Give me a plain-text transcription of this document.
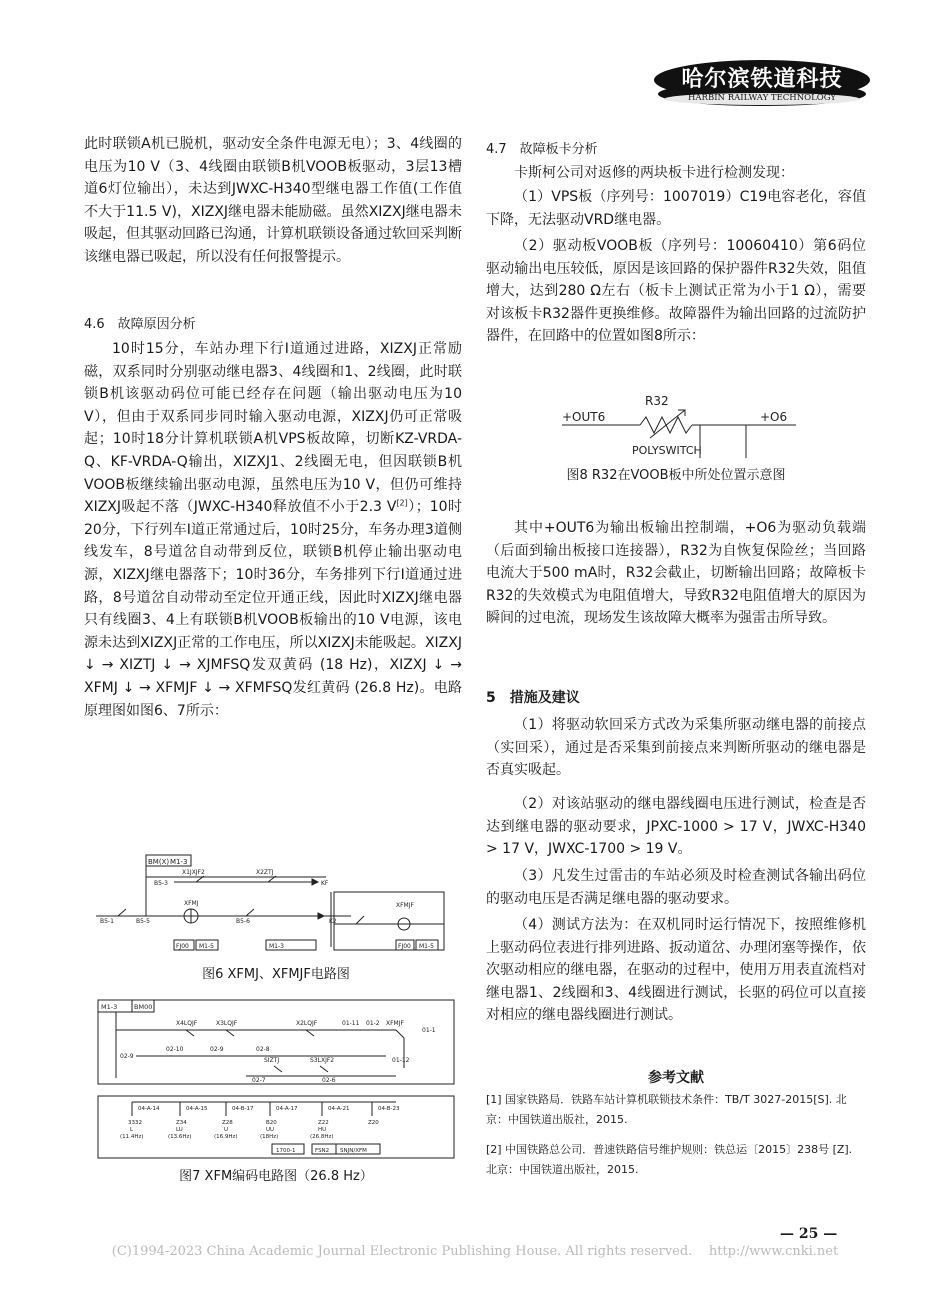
哈尔滨铁道科技
HARBIN RAILWAY TECHNOLOGY

此时联锁A机已脱机，驱动安全条件电源无电）；3、4线圈的电压为10 V（3、4线圈由联锁B机VOOB板驱动，3层13槽道6灯位输出），未达到JWXC-H340型继电器工作值(工作值不大于11.5 V)，XIZXJ继电器未能励磁。虽然XIZXJ继电器未吸起，但其驱动回路已沟通，计算机联锁设备通过软回采判断该继电器已吸起，所以没有任何报警提示。

4.6　故障原因分析

10时15分，车站办理下行Ⅰ道通过进路，XIZXJ正常励磁，双系同时分别驱动继电器3、4线圈和1、2线圈，此时联锁B机该驱动码位可能已经存在问题（输出驱动电压为10 V），但由于双系同步同时输入驱动电源，XIZXJ仍可正常吸起；10时18分计算机联锁A机VPS板故障，切断KZ-VRDA-Q、KF-VRDA-Q输出，XIZXJ1、2线圈无电，但因联锁B机VOOB板继续输出驱动电源，虽然电压为10 V，但仍可维持XIZXJ吸起不落（JWXC-H340释放值不小于2.3 V[2]）；10时20分，下行列车Ⅰ道正常通过后，10时25分，车务办理3道侧线发车，8号道岔自动带到反位，联锁B机停止输出驱动电源，XIZXJ继电器落下；10时36分，车务排列下行Ⅰ道通过进路，8号道岔自动带动至定位开通正线，因此时XIZXJ继电器只有线圈3、4上有联锁B机VOOB板输出的10 V电源，该电源未达到XIZXJ正常的工作电压，所以XIZXJ未能吸起。XIZXJ ↓ → XIZTJ ↓ → XJMFSQ发双黄码 (18 Hz)，XIZXJ ↓ → XFMJ ↓ → XFMJF ↓ → XFMFSQ发红黄码 (26.8 Hz)。电路原理图如图6、7所示：

BM(X) M1-3
B5-3
X1JXJF2	X2ZTJ
KF
B5-1
XFMJ
B5-6	K2
B5-5
FJ00 M1-5	M1-3
XFMJF
FJ00 M1-5
图6 XFMJ、XFMJF电路图
M1-3	BM00
X4LQJF	X3LQJF	X2LQJF	01-11 01-2 XFMJF
01-1
02-9
02-10	02-9	02-8
SIZTJ	S3LXJF2	01-12
02-7	02-6
04-A-14
3332
L
(11.4Hz)
04-A-15
Z34
LU
(13.6Hz)
04-B-17
Z28
U
(16.9Hz)
04-A-17
B20
UU
(18Hz)
04-A-21
Z22
HU
(26.8Hz)
04-B-23
Z20
1700-1	FSN2 SNJN/XFM
图7 XFM编码电路图（26.8 Hz）
4.7　故障板卡分析

卡斯柯公司对返修的两块板卡进行检测发现：

（1）VPS板（序列号：1007019）C19电容老化，容值下降，无法驱动VRD继电器。

（2）驱动板VOOB板（序列号：10060410）第6码位驱动输出电压较低，原因是该回路的保护器件R32失效，阻值增大，达到280 Ω左右（板卡上测试正常为小于1 Ω），需要对该板卡R32器件更换维修。故障器件为输出回路的过流防护器件，在回路中的位置如图8所示：

+OUT6
R32
+O6
POLYSWITCH
图8 R32在VOOB板中所处位置示意图

其中+OUT6为输出板输出控制端，+O6为驱动负载端（后面到输出板接口连接器），R32为自恢复保险丝；当回路电流大于500 mA时，R32会截止，切断输出回路；故障板卡R32的失效模式为电阻值增大，导致R32电阻值增大的原因为瞬间的过电流，现场发生该故障大概率为强雷击所导致。

5　措施及建议

（1）将驱动软回采方式改为采集所驱动继电器的前接点（实回采），通过是否采集到前接点来判断所驱动的继电器是否真实吸起。

（2）对该站驱动的继电器线圈电压进行测试，检查是否达到继电器的驱动要求，JPXC-1000 > 17 V，JWXC-H340 > 17 V，JWXC-1700 > 19 V。

（3）凡发生过雷击的车站必须及时检查测试各输出码位的驱动电压是否满足继电器的驱动要求。

（4）测试方法为：在双机同时运行情况下，按照维修机上驱动码位表进行排列进路、扳动道岔、办理闭塞等操作，依次驱动相应的继电器，在驱动的过程中，使用万用表直流档对继电器1、2线圈和3、4线圈进行测试，长驱的码位可以直接对相应的继电器线圈进行测试。

参考文献
[1] 国家铁路局．铁路车站计算机联锁技术条件：TB/T 3027-2015[S]. 北京：中国铁道出版社，2015.
[2] 中国铁路总公司．普速铁路信号维护规则：铁总运〔2015〕238号 [Z]. 北京：中国铁道出版社，2015.
— 25 —
(C)1994-2023 China Academic Journal Electronic Publishing House. All rights reserved.    http://www.cnki.net
